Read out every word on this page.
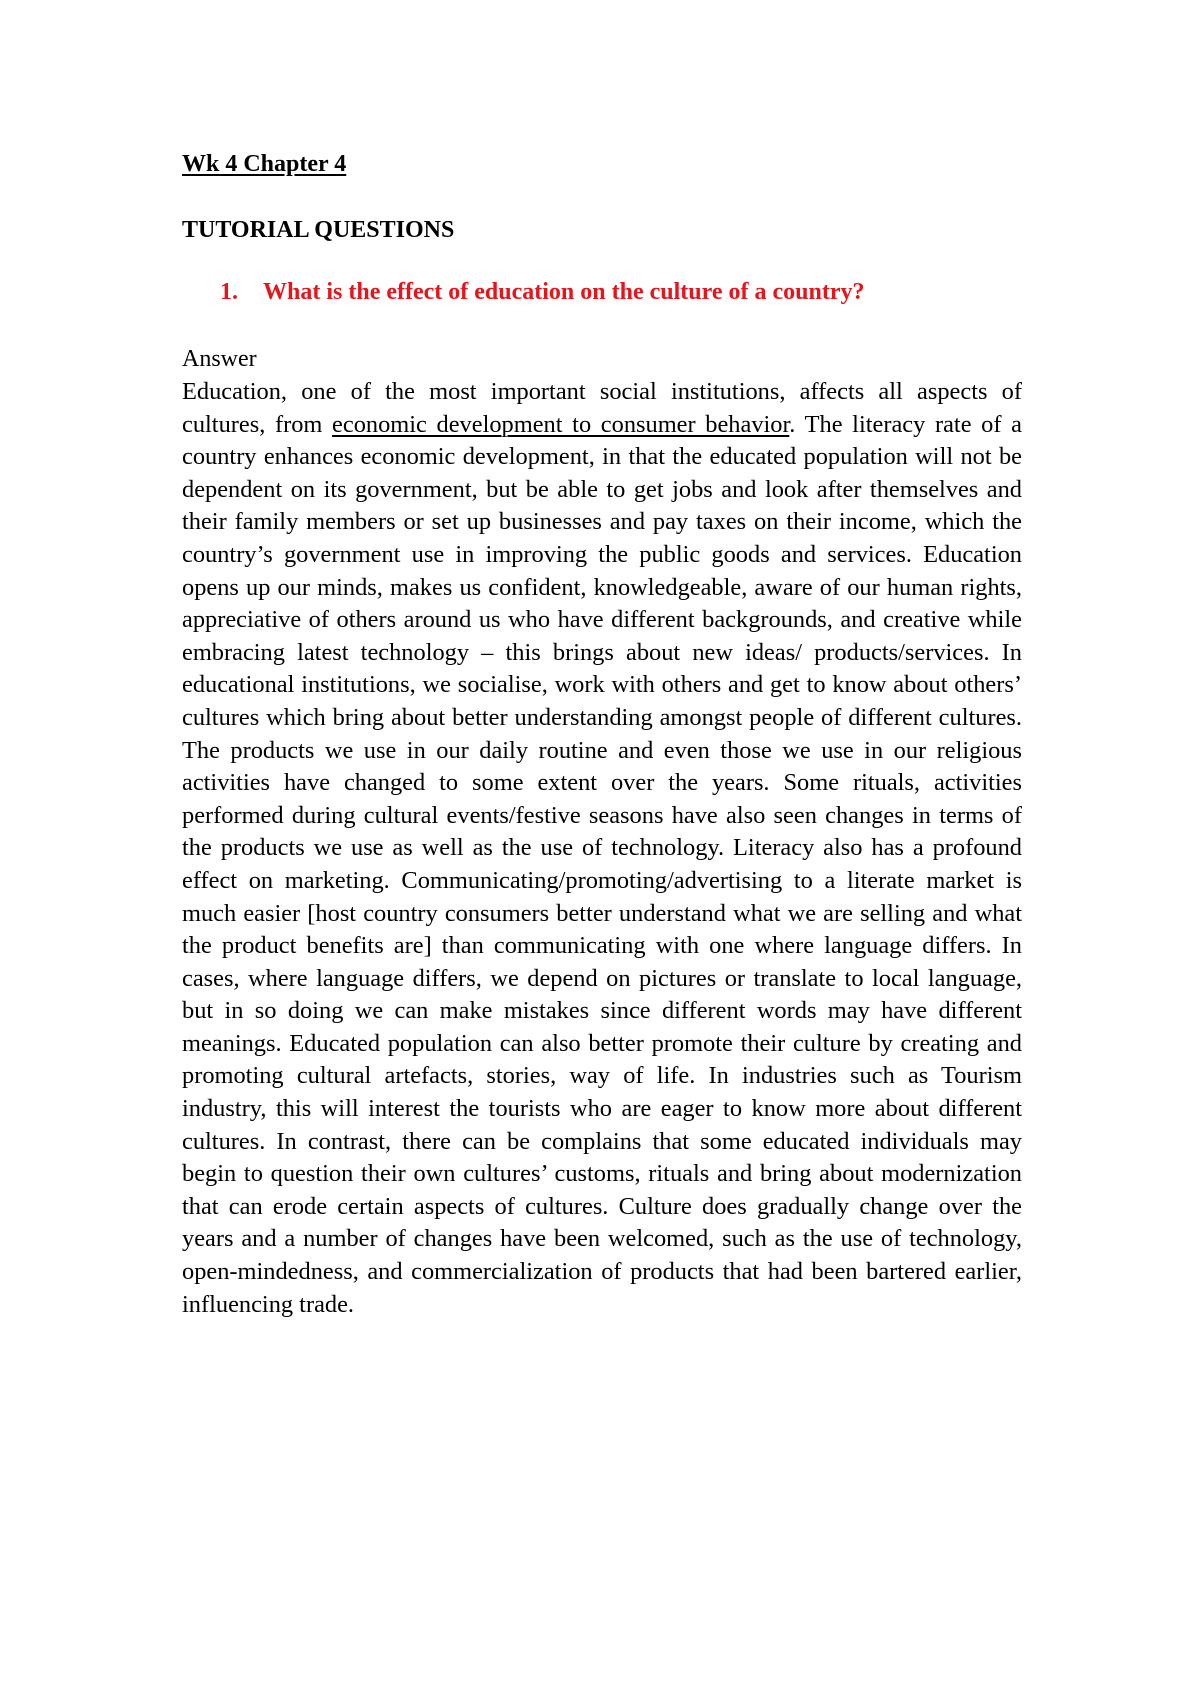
Wk 4 Chapter 4
TUTORIAL QUESTIONS

1. What is the effect of education on the culture of a country?

Answer

Education, one of the most important social institutions, affects all aspects of cultures, from economic development to consumer behavior. The literacy rate of a country enhances economic development, in that the educated population will not be dependent on its government, but be able to get jobs and look after themselves and their family members or set up businesses and pay taxes on their income, which the country’s government use in improving the public goods and services. Education opens up our minds, makes us confident, knowledgeable, aware of our human rights, appreciative of others around us who have different backgrounds, and creative while embracing latest technology – this brings about new ideas/ products/services. In educational institutions, we socialise, work with others and get to know about others’ cultures which bring about better understanding amongst people of different cultures. The products we use in our daily routine and even those we use in our religious activities have changed to some extent over the years. Some rituals, activities performed during cultural events/festive seasons have also seen changes in terms of the products we use as well as the use of technology. Literacy also has a profound effect on marketing. Communicating/promoting/advertising to a literate market is much easier [host country consumers better understand what we are selling and what the product benefits are] than communicating with one where language differs. In cases, where language differs, we depend on pictures or translate to local language, but in so doing we can make mistakes since different words may have different meanings. Educated population can also better promote their culture by creating and promoting cultural artefacts, stories, way of life. In industries such as Tourism industry, this will interest the tourists who are eager to know more about different cultures. In contrast, there can be complains that some educated individuals may begin to question their own cultures’ customs, rituals and bring about modernization that can erode certain aspects of cultures. Culture does gradually change over the years and a number of changes have been welcomed, such as the use of technology, open-mindedness, and commercialization of products that had been bartered earlier, influencing trade.
